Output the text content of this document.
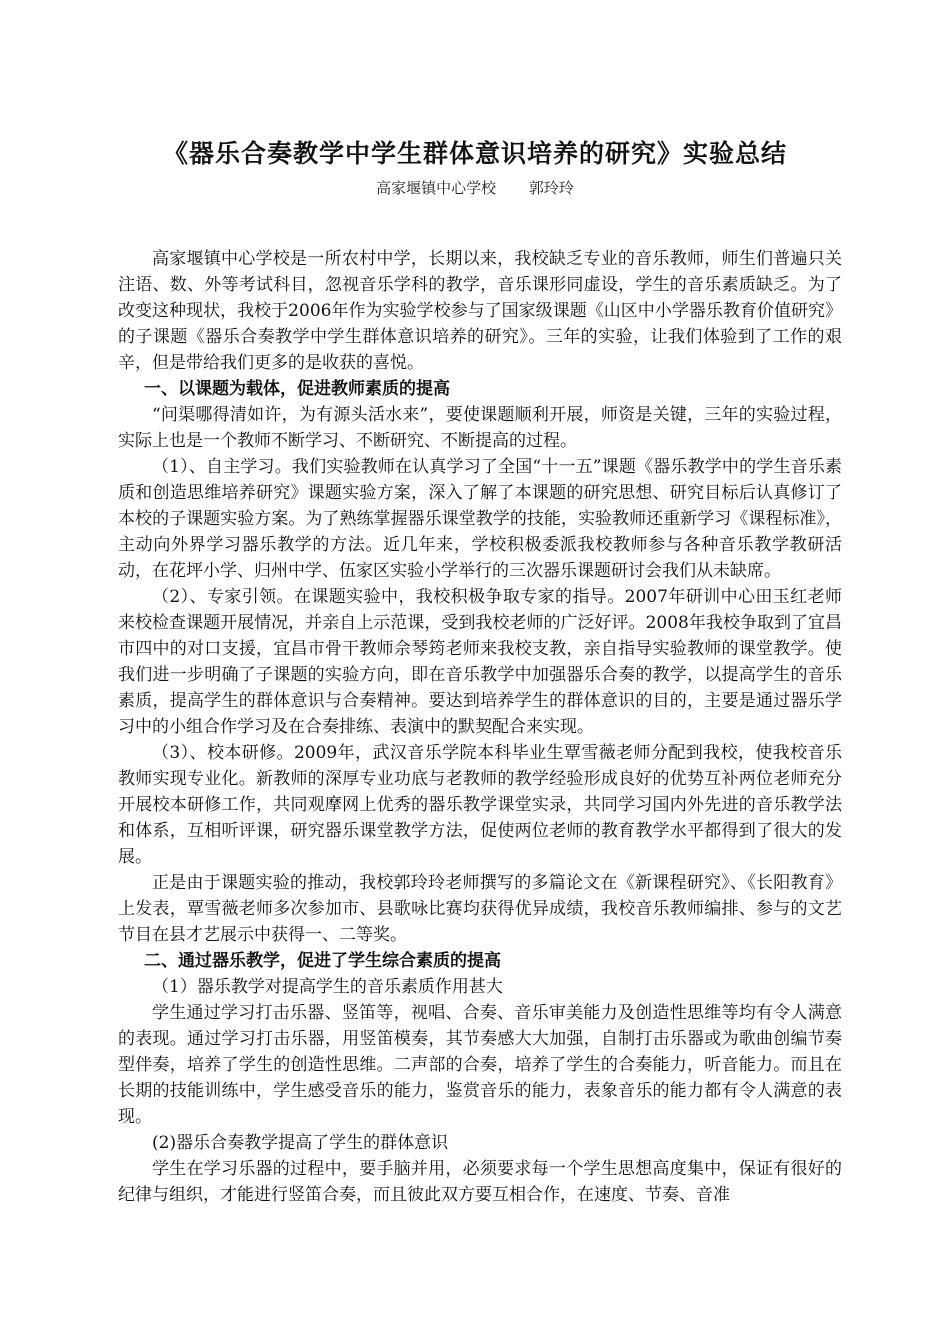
《器乐合奏教学中学生群体意识培养的研究》实验总结
高家堰镇中心学校 郭玲玲

高家堰镇中心学校是一所农村中学，长期以来，我校缺乏专业的音乐教师，师生们普遍只关注语、数、外等考试科目，忽视音乐学科的教学，音乐课形同虚设，学生的音乐素质缺乏。为了改变这种现状，我校于2006年作为实验学校参与了国家级课题《山区中小学器乐教育价值研究》的子课题《器乐合奏教学中学生群体意识培养的研究》。三年的实验，让我们体验到了工作的艰辛，但是带给我们更多的是收获的喜悦。

一、以课题为载体，促进教师素质的提高

“问渠哪得清如许，为有源头活水来”，要使课题顺利开展，师资是关键，三年的实验过程，实际上也是一个教师不断学习、不断研究、不断提高的过程。

（1）、自主学习。我们实验教师在认真学习了全国“十一五”课题《器乐教学中的学生音乐素质和创造思维培养研究》课题实验方案，深入了解了本课题的研究思想、研究目标后认真修订了本校的子课题实验方案。为了熟练掌握器乐课堂教学的技能，实验教师还重新学习《课程标准》，主动向外界学习器乐教学的方法。近几年来，学校积极委派我校教师参与各种音乐教学教研活动，在花坪小学、归州中学、伍家区实验小学举行的三次器乐课题研讨会我们从未缺席。

（2）、专家引领。在课题实验中，我校积极争取专家的指导。2007年研训中心田玉红老师来校检查课题开展情况，并亲自上示范课，受到我校老师的广泛好评。2008年我校争取到了宜昌市四中的对口支援，宜昌市骨干教师佘琴筠老师来我校支教，亲自指导实验教师的课堂教学。使我们进一步明确了子课题的实验方向，即在音乐教学中加强器乐合奏的教学，以提高学生的音乐素质，提高学生的群体意识与合奏精神。要达到培养学生的群体意识的目的，主要是通过器乐学习中的小组合作学习及在合奏排练、表演中的默契配合来实现。

（3）、校本研修。2009年，武汉音乐学院本科毕业生覃雪薇老师分配到我校，使我校音乐教师实现专业化。新教师的深厚专业功底与老教师的教学经验形成良好的优势互补两位老师充分开展校本研修工作，共同观摩网上优秀的器乐教学课堂实录，共同学习国内外先进的音乐教学法和体系，互相听评课，研究器乐课堂教学方法，促使两位老师的教育教学水平都得到了很大的发展。

正是由于课题实验的推动，我校郭玲玲老师撰写的多篇论文在《新课程研究》、《长阳教育》上发表，覃雪薇老师多次参加市、县歌咏比赛均获得优异成绩，我校音乐教师编排、参与的文艺节目在县才艺展示中获得一、二等奖。

二、通过器乐教学，促进了学生综合素质的提高

（1）器乐教学对提高学生的音乐素质作用甚大

学生通过学习打击乐器、竖笛等，视唱、合奏、音乐审美能力及创造性思维等均有令人满意的表现。通过学习打击乐器，用竖笛模奏，其节奏感大大加强，自制打击乐器或为歌曲创编节奏型伴奏，培养了学生的创造性思维。二声部的合奏，培养了学生的合奏能力，听音能力。而且在长期的技能训练中，学生感受音乐的能力，鉴赏音乐的能力，表象音乐的能力都有令人满意的表现。

(2)器乐合奏教学提高了学生的群体意识

学生在学习乐器的过程中，要手脑并用，必须要求每一个学生思想高度集中，保证有很好的纪律与组织，才能进行竖笛合奏，而且彼此双方要互相合作，在速度、节奏、音准
